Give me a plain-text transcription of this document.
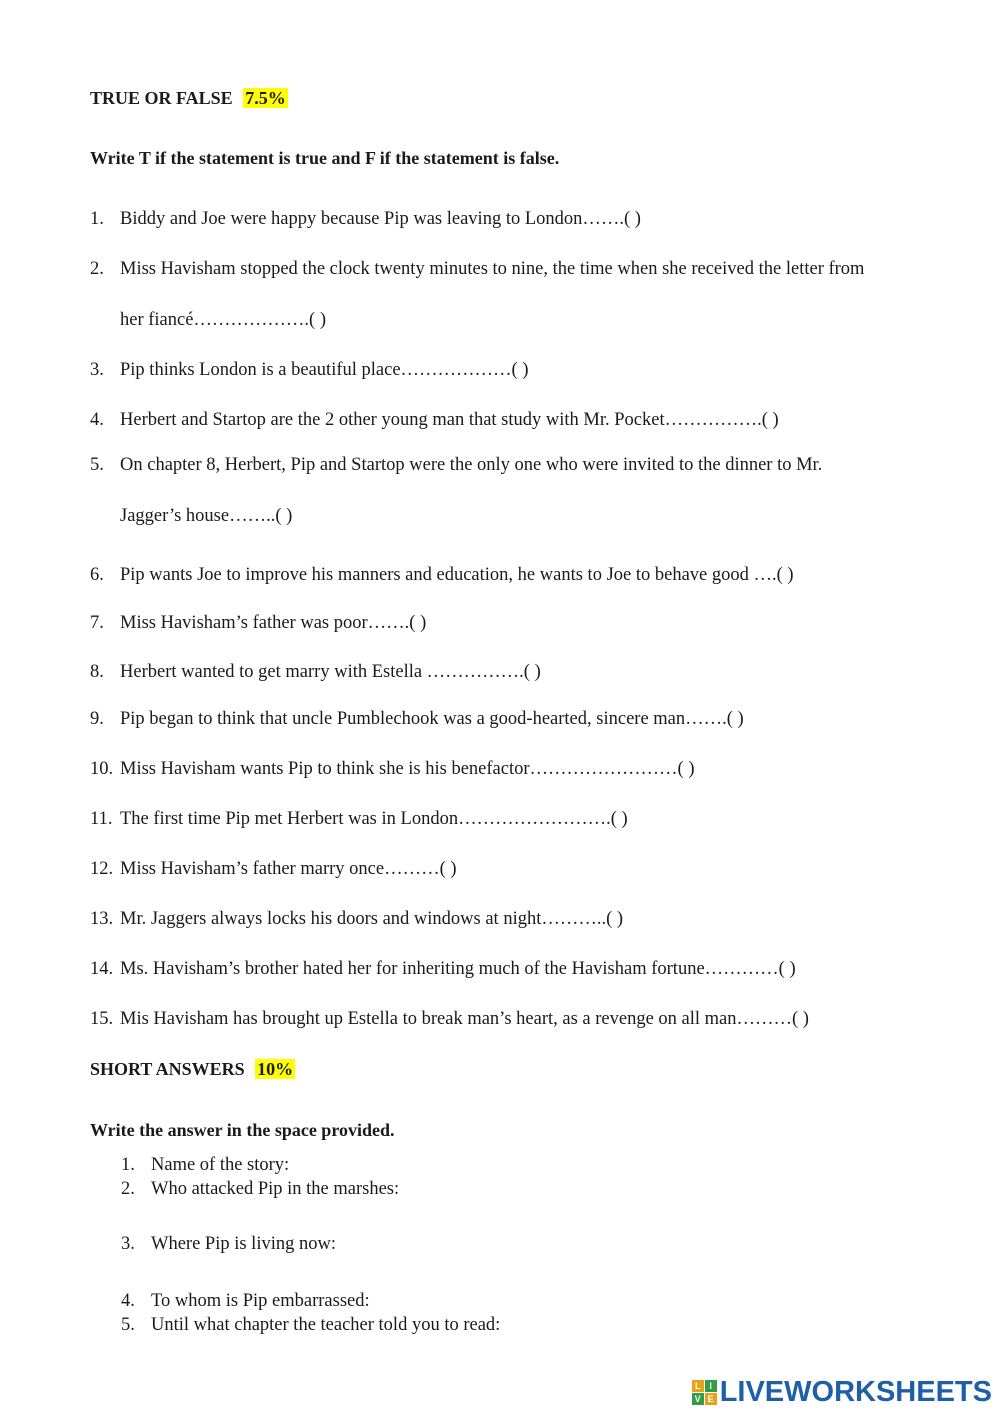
TRUE OR FALSE 7.5%
Write T if the statement is true and F if the statement is false.
1. Biddy and Joe were happy because Pip was leaving to London…….( )
2. Miss Havisham stopped the clock twenty minutes to nine, the time when she received the letter from
her fiancé……………….( )
3. Pip thinks London is a beautiful place………………( )
4. Herbert and Startop are the 2 other young man that study with Mr. Pocket…………….( )
5. On chapter 8, Herbert, Pip and Startop were the only one who were invited to the dinner to Mr.
Jagger’s house……..( )
6. Pip wants Joe to improve his manners and education, he wants to Joe to behave good ….( )
7. Miss Havisham’s father was poor…….( )
8. Herbert wanted to get marry with Estella …………….( )
9. Pip began to think that uncle Pumblechook was a good-hearted, sincere man…….( )
10. Miss Havisham wants Pip to think she is his benefactor……………………( )
11. The first time Pip met Herbert was in London…………………….( )
12. Miss Havisham’s father marry once………( )
13. Mr. Jaggers always locks his doors and windows at night………..( )
14. Ms. Havisham’s brother hated her for inheriting much of the Havisham fortune…………( )
15. Mis Havisham has brought up Estella to break man’s heart, as a revenge on all man………( )
SHORT ANSWERS 10%
Write the answer in the space provided.
1. Name of the story:
2. Who attacked Pip in the marshes:
3. Where Pip is living now:
4. To whom is Pip embarrassed:
5. Until what chapter the teacher told you to read:
L I
V E LIVEWORKSHEETS
